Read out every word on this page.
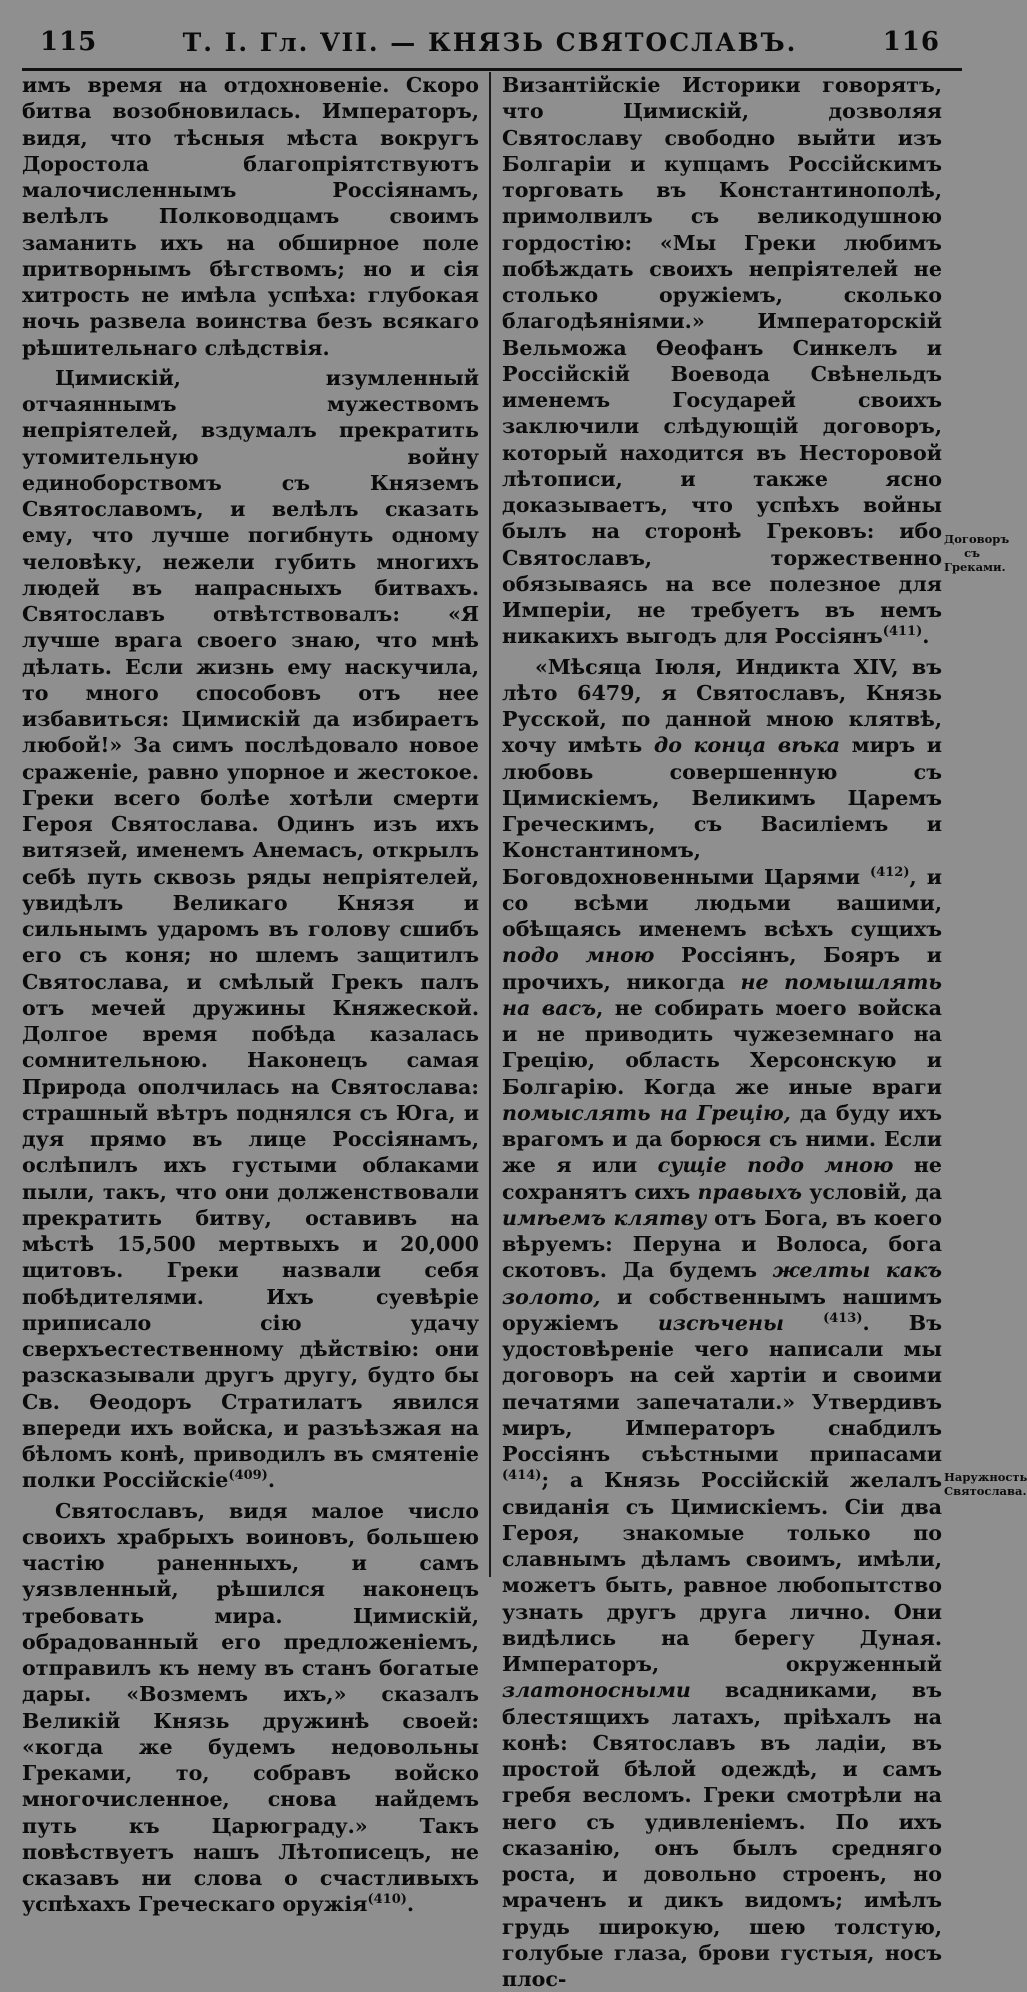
115	Т. I. Гл. VII. — КНЯЗЬ СВЯТОСЛАВЪ.	116

имъ время на отдохновеніе. Скоро битва возобновилась. Императоръ, видя, что тѣсныя мѣста вокругъ Доростола благопріятствуютъ малочисленнымъ Россіянамъ, велѣлъ Полководцамъ своимъ заманить ихъ на обширное поле притворнымъ бѣгствомъ; но и сія хитрость не имѣла успѣха: глубокая ночь развела воинства безъ всякаго рѣшительнаго слѣдствія.

Цимискій, изумленный отчаяннымъ мужествомъ непріятелей, вздумалъ прекратить утомительную войну единоборствомъ съ Княземъ Святославомъ, и велѣлъ сказать ему, что лучше погибнуть одному человѣку, нежели губить многихъ людей въ напрасныхъ битвахъ. Святославъ отвѣтствовалъ: «Я лучше врага своего знаю, что мнѣ дѣлать. Если жизнь ему наскучила, то много способовъ отъ нее избавиться: Цимискій да избираетъ любой!» За симъ послѣдовало новое сраженіе, равно упорное и жестокое. Греки всего болѣе хотѣли смерти Героя Святослава. Одинъ изъ ихъ витязей, именемъ Анемасъ, открылъ себѣ путь сквозь ряды непріятелей, увидѣлъ Великаго Князя и сильнымъ ударомъ въ голову сшибъ его съ коня; но шлемъ защитилъ Святослава, и смѣлый Грекъ палъ отъ мечей дружины Княжеской. Долгое время побѣда казалась сомнительною. Наконецъ самая Природа ополчилась на Святослава: страшный вѣтръ поднялся съ Юга, и дуя прямо въ лице Россіянамъ, ослѣпилъ ихъ густыми облаками пыли, такъ, что они долженствовали прекратить битву, оставивъ на мѣстѣ 15,500 мертвыхъ и 20,000 щитовъ. Греки назвали себя побѣдителями. Ихъ суевѣріе приписало сію удачу сверхъестественному дѣйствію: они разсказывали другъ другу, будто бы Св. Ѳеодоръ Стратилатъ явился впереди ихъ войска, и разъѣзжая на бѣломъ конѣ, приводилъ въ смятеніе полки Россійскіе$^{(409)}$.

Святославъ, видя малое число своихъ храбрыхъ воиновъ, большею частію раненныхъ, и самъ уязвленный, рѣшился наконецъ требовать мира. Цимискій, обрадованный его предложеніемъ, отправилъ къ нему въ станъ богатые дары. «Возмемъ ихъ,» сказалъ Великій Князь дружинѣ своей: «когда же будемъ недовольны Греками, то, собравъ войско многочисленное, снова найдемъ путь къ Царюграду.» Такъ повѣствуетъ нашъ Лѣтописецъ, не сказавъ ни слова о счастливыхъ успѣхахъ Греческаго оружія$^{(410)}$.

Византійскіе Историки говорятъ, что Цимискій, дозволяя Святославу свободно выйти изъ Болгаріи и купцамъ Россійскимъ торговать въ Константинополѣ, примолвилъ съ великодушною гордостію: «Мы Греки любимъ побѣждать своихъ непріятелей не столько оружіемъ, сколько благодѣяніями.» Императорскій Вельможа Ѳеофанъ Синкелъ и Россійскій Воевода Свѣнельдъ именемъ Государей своихъ заключили слѣдующій договоръ, который находится въ Несторовой лѣтописи, и также ясно доказываетъ, что успѣхъ войны былъ на сторонѣ Грековъ: ибо Святославъ, торжественно обязываясь на все полезное для Имперіи, не требуетъ въ немъ никакихъ выгодъ для Россіянъ$^{(411)}$.

«Мѣсяца Іюля, Индикта XIV, въ лѣто 6479, я Святославъ, Князь Русской, по данной мною клятвѣ, хочу имѣть до конца вѣка миръ и любовь совершенную съ Цимискіемъ, Великимъ Царемъ Греческимъ, съ Василіемъ и Константиномъ, Боговдохновенными Царями $^{(412)}$, и со всѣми людьми вашими, обѣщаясь именемъ всѣхъ сущихъ подо мною Россіянъ, Бояръ и прочихъ, никогда не помышлять на васъ, не собирать моего войска и не приводить чужеземнаго на Грецію, область Херсонскую и Болгарію. Когда же иные враги помыслять на Грецію, да буду ихъ врагомъ и да борюся съ ними. Если же я или сущіе подо мною не сохранятъ сихъ правыхъ условій, да имѣемъ клятву отъ Бога, въ коего вѣруемъ: Перуна и Волоса, бога скотовъ. Да будемъ желты какъ золото, и собственнымъ нашимъ оружіемъ изсѣчены	$^{(413)}$. Въ удостовѣреніе чего написали мы договоръ на сей хартіи и своими печатями запечатали.» Утвердивъ миръ, Императоръ снабдилъ Россіянъ съѣстными припасами $^{(414)}$; а Князь Россійскій желалъ свиданія съ Цимискіемъ. Сіи два Героя, знакомые только по славнымъ дѣламъ своимъ, имѣли, можетъ быть, равное любопытство узнать другъ друга лично. Они видѣлись на берегу Дуная. Императоръ, окруженный златоносными всадниками, въ блестящихъ латахъ, пріѣхалъ на конѣ: Святославъ въ ладіи, въ простой бѣлой одеждѣ, и самъ гребя весломъ. Греки смотрѣли на него съ удивленіемъ. По ихъ сказанію, онъ былъ средняго роста, и довольно строенъ, но мраченъ и дикъ видомъ; имѣлъ грудь широкую, шею толстую, голубые глаза, брови густыя, носъ плос-

Договоръ съ Греками.
Наружность Святослава.
